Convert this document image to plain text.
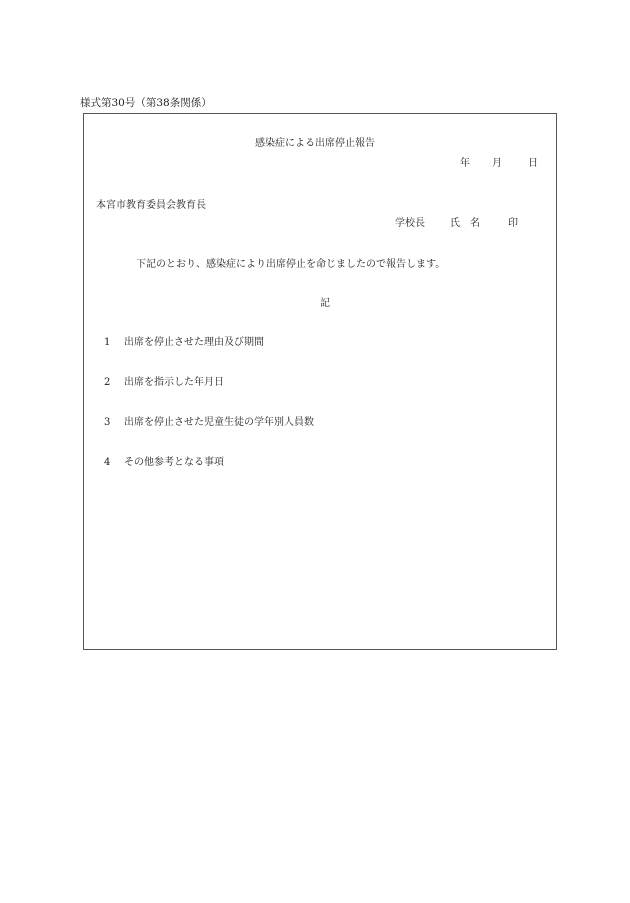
様式第30号（第38条関係）
感染症による出席停止報告
年 月	日
本宮市教育委員会教育長
学校長	氏　名	印
下記のとおり、感染症により出席停止を命じましたので報告します。
記
1 出席を停止させた理由及び期間
2 出席を指示した年月日
3 出席を停止させた児童生徒の学年別人員数
4 その他参考となる事項
